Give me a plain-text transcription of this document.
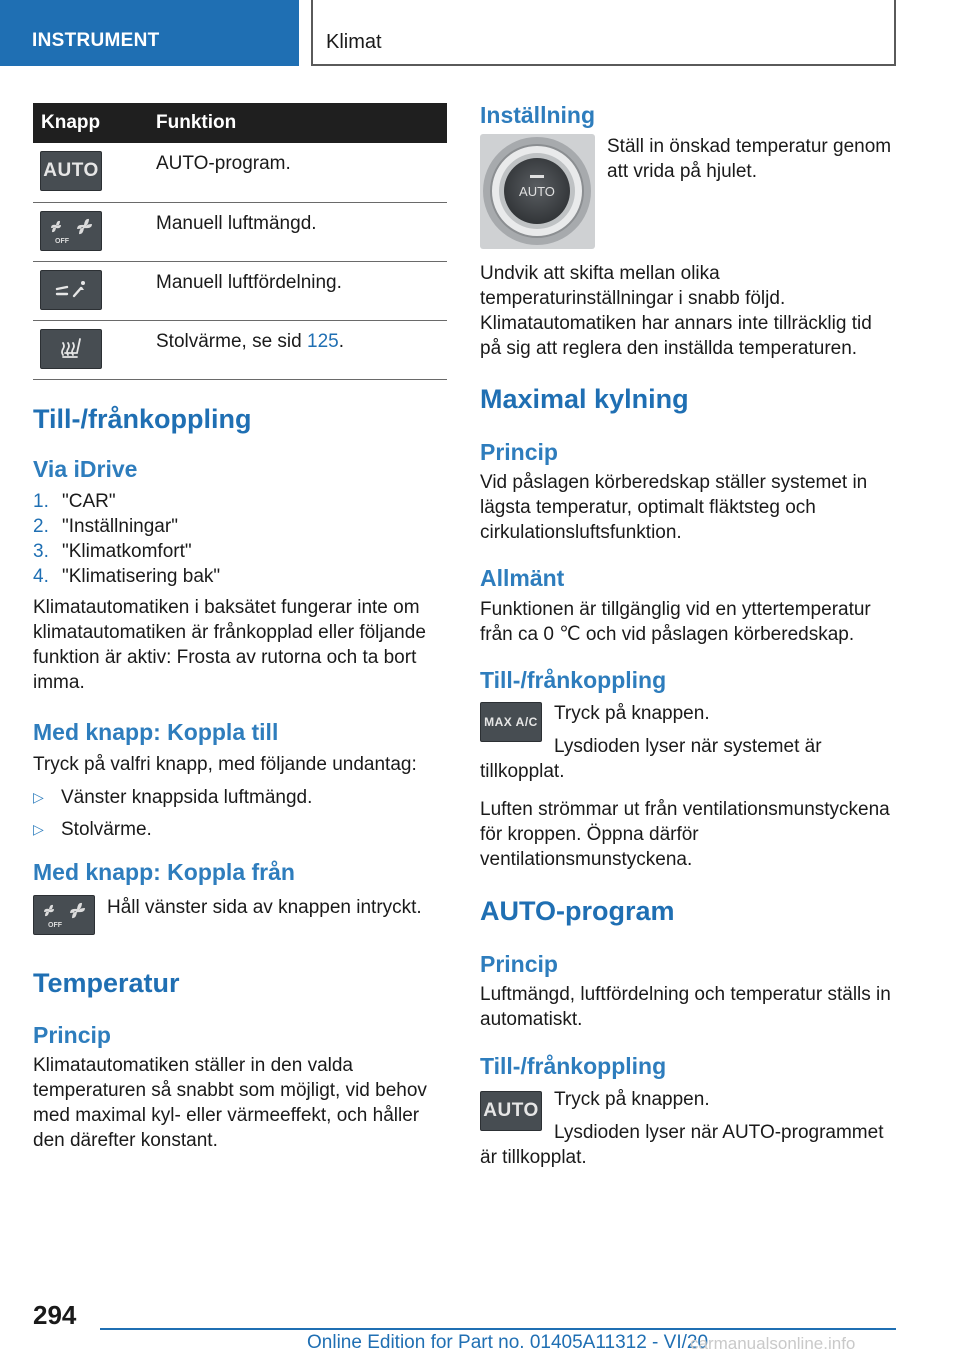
INSTRUMENT	Klimat
Knapp	Funktion

AUTO	AUTO-program.

OFF	Manuell luftmängd.

	Manuell luftfördelning.

	Stolvärme, se sid 125.
Till-/frånkoppling
Via iDrive
1. "CAR"
2. "Inställningar"
3. "Klimatkomfort"
4. "Klimatisering bak"

Klimatautomatiken i baksätet fungerar inte om klimatautomatiken är frånkopplad eller följande funktion är aktiv: Frosta av rutorna och ta bort imma.

Med knapp: Koppla till

Tryck på valfri knapp, med följande undantag:

▷ Vänster knappsida luftmängd.
▷ Stolvärme.
Med knapp: Koppla från
OFF

Håll vänster sida av knappen intryckt.

Temperatur
Princip

Klimatautomatiken ställer in den valda temperaturen så snabbt som möjligt, vid behov med maximal kyl- eller värmeeffekt, och håller den därefter konstant.

Inställning
AUTO

Ställ in önskad temperatur genom att vrida på hjulet.

Undvik att skifta mellan olika temperaturinställningar i snabb följd. Klimatautomatiken har annars inte tillräcklig tid på sig att reglera den inställda temperaturen.

Maximal kylning
Princip

Vid påslagen körberedskap ställer systemet in lägsta temperatur, optimalt fläktsteg och cirkulationsluftsfunktion.

Allmänt

Funktionen är tillgänglig vid en yttertemperatur från ca 0 ℃ och vid påslagen körberedskap.

Till-/frånkoppling
MAX A/C Tryck på knappen.

Lysdioden lyser när systemet är tillkopplat.

Luften strömmar ut från ventilationsmunstyckena för kroppen. Öppna därför ventilationsmunstyckena.

AUTO-program
Princip

Luftmängd, luftfördelning och temperatur ställs in automatiskt.

Till-/frånkoppling
AUTO

Tryck på knappen.

Lysdioden lyser när AUTO-programmet är tillkopplat.

294
Online Edition for Part no. 01405A11312 - VI/20
carmanualsonline.info
